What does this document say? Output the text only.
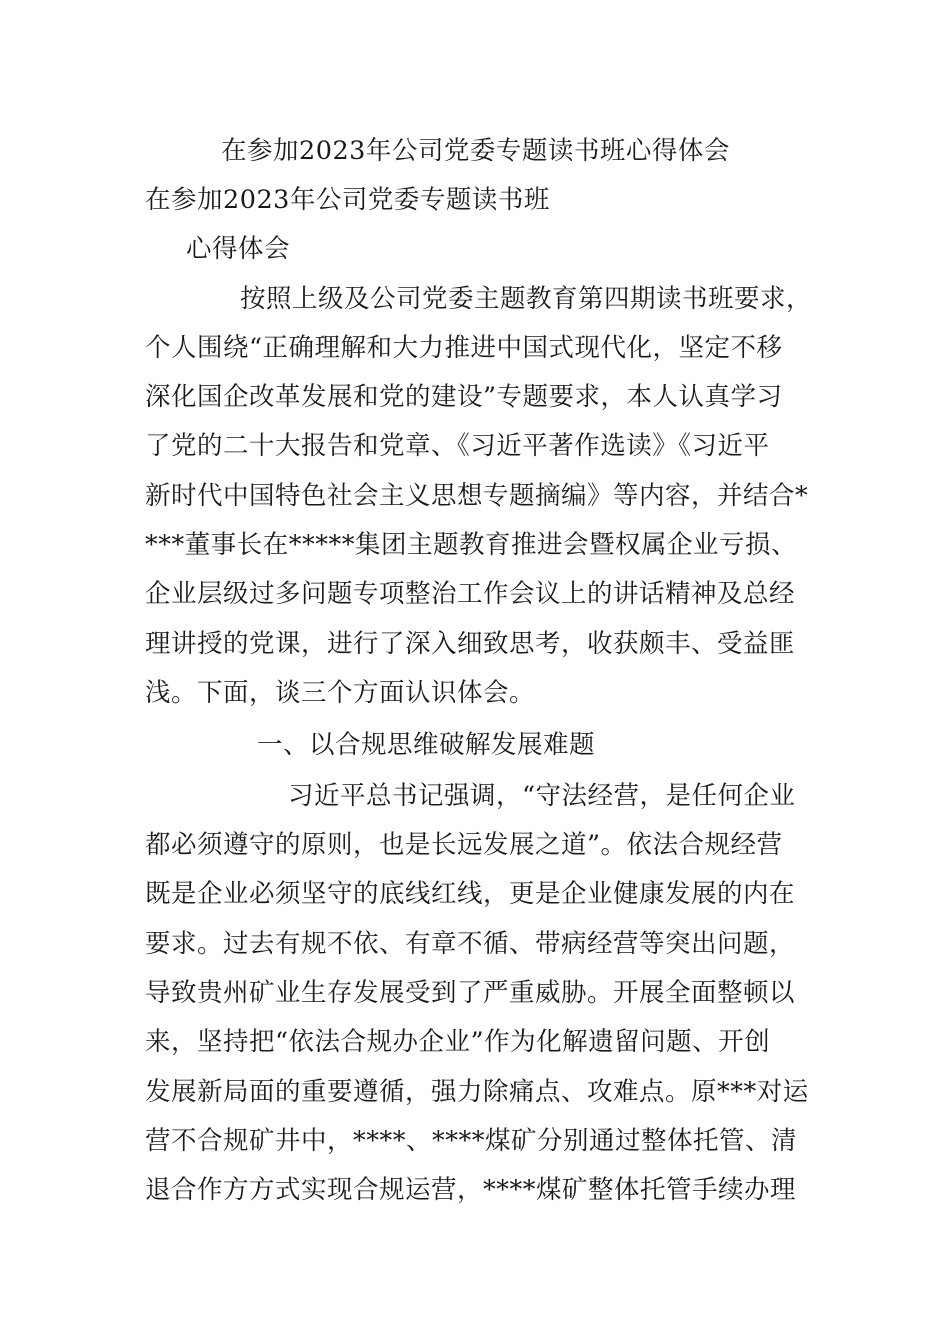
在参加2023年公司党委专题读书班心得体会
在参加2023年公司党委专题读书班
心得体会
按照上级及公司党委主题教育第四期读书班要求，
个人围绕“正确理解和大力推进中国式现代化，坚定不移
深化国企改革发展和党的建设”专题要求，本人认真学习
了党的二十大报告和党章、《习近平著作选读》《习近平
新时代中国特色社会主义思想专题摘编》等内容，并结合*
***董事长在*****集团主题教育推进会暨权属企业亏损、
企业层级过多问题专项整治工作会议上的讲话精神及总经
理讲授的党课，进行了深入细致思考，收获颇丰、受益匪
浅。下面，谈三个方面认识体会。
一、以合规思维破解发展难题
习近平总书记强调，“守法经营，是任何企业
都必须遵守的原则，也是长远发展之道”。依法合规经营
既是企业必须坚守的底线红线，更是企业健康发展的内在
要求。过去有规不依、有章不循、带病经营等突出问题，
导致贵州矿业生存发展受到了严重威胁。开展全面整顿以
来，坚持把“依法合规办企业”作为化解遗留问题、开创
发展新局面的重要遵循，强力除痛点、攻难点。原***对运
营不合规矿井中，****、****煤矿分别通过整体托管、清
退合作方方式实现合规运营，****煤矿整体托管手续办理
